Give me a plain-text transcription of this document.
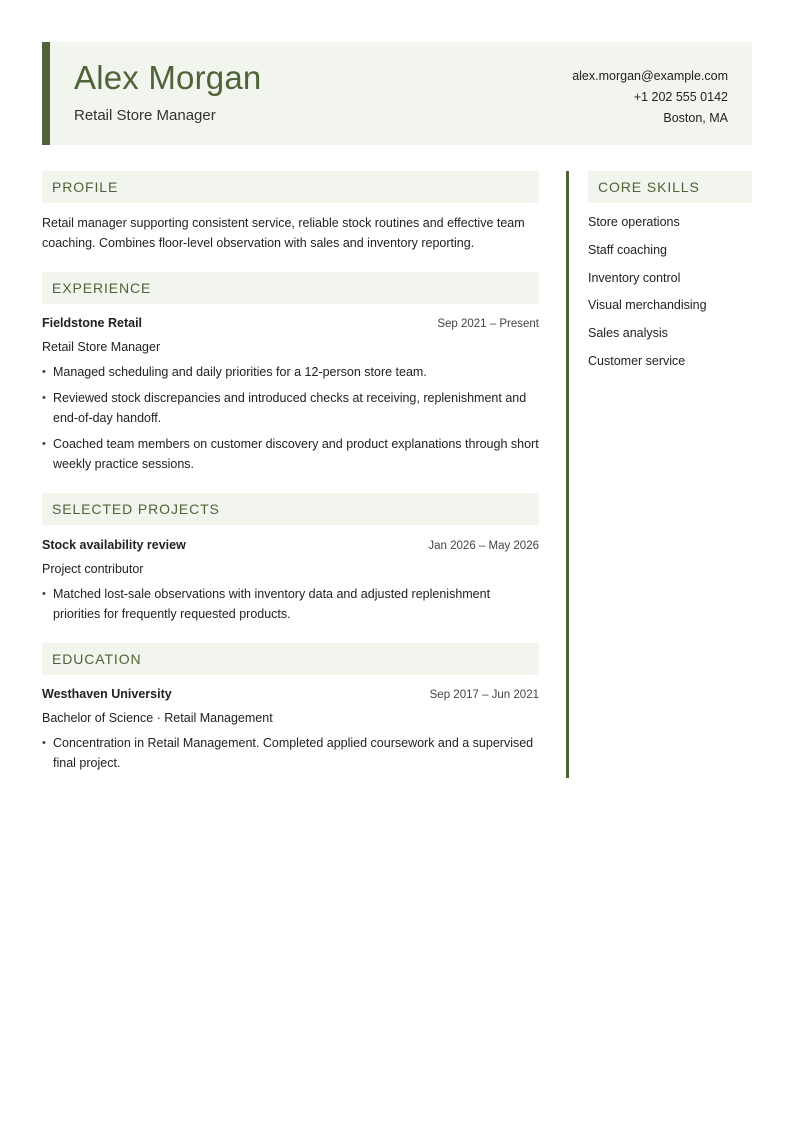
Alex Morgan
Retail Store Manager
alex.morgan@example.com
+1 202 555 0142
Boston, MA
PROFILE
Retail manager supporting consistent service, reliable stock routines and effective team coaching. Combines floor-level observation with sales and inventory reporting.
EXPERIENCE
Fieldstone Retail	Sep 2021 – Present
Retail Store Manager
• Managed scheduling and daily priorities for a 12-person store team.
• Reviewed stock discrepancies and introduced checks at receiving, replenishment and end-of-day handoff.
• Coached team members on customer discovery and product explanations through short weekly practice sessions.
SELECTED PROJECTS
Stock availability review	Jan 2026 – May 2026
Project contributor
• Matched lost-sale observations with inventory data and adjusted replenishment priorities for frequently requested products.
EDUCATION
Westhaven University	Sep 2017 – Jun 2021
Bachelor of Science · Retail Management
• Concentration in Retail Management. Completed applied coursework and a supervised final project.
CORE SKILLS
Store operations
Staff coaching
Inventory control
Visual merchandising
Sales analysis
Customer service
